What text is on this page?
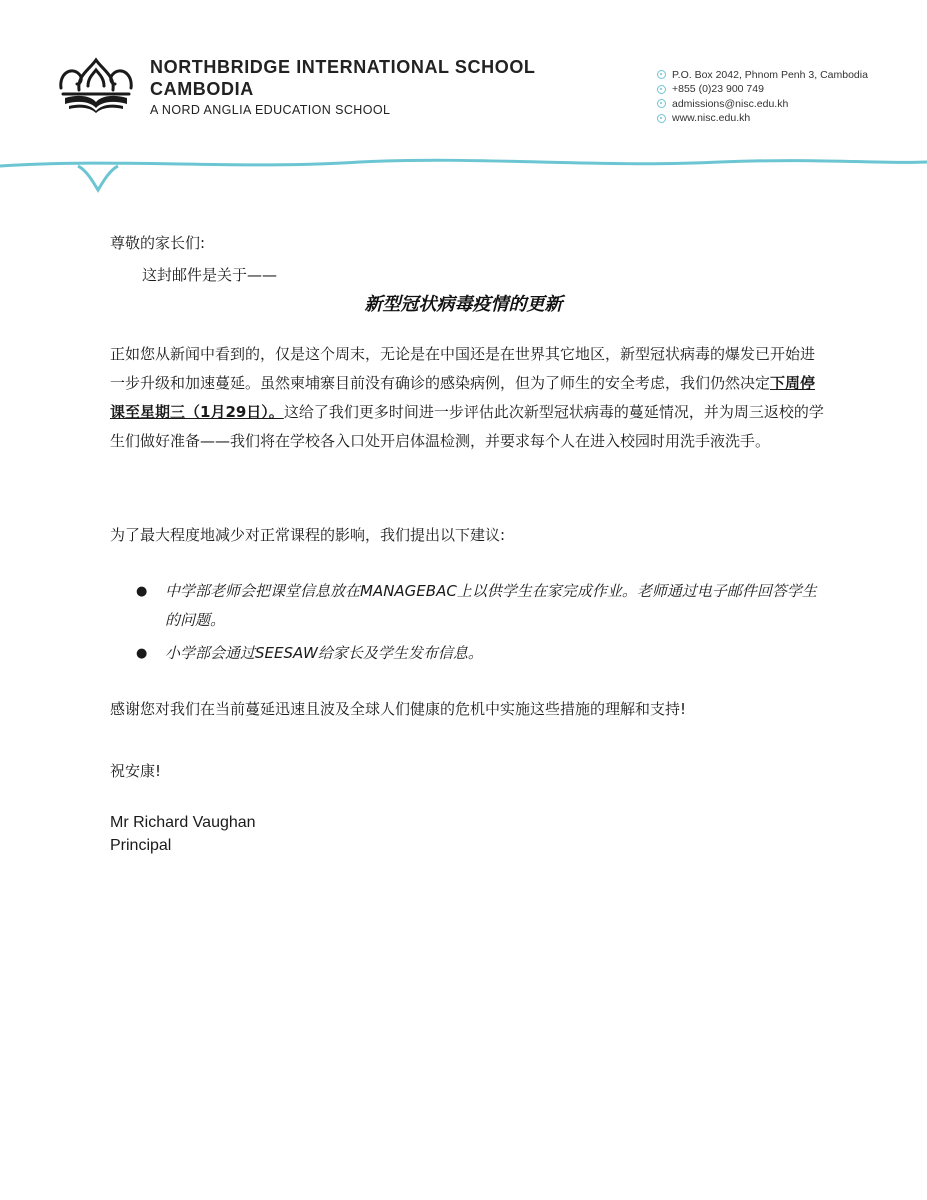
NORTHBRIDGE INTERNATIONAL SCHOOL
CAMBODIA
A NORD ANGLIA EDUCATION SCHOOL
P.O. Box 2042, Phnom Penh 3, Cambodia
+855 (0)23 900 749
admissions@nisc.edu.kh
www.nisc.edu.kh
尊敬的家长们:
这封邮件是关于——
新型冠状病毒疫情的更新
正如您从新闻中看到的，仅是这个周末，无论是在中国还是在世界其它地区，新型冠状病毒的爆发已开始进一步升级和加速蔓延。虽然柬埔寨目前没有确诊的感染病例，但为了师生的安全考虑，我们仍然决定下周停课至星期三（1月29日）。这给了我们更多时间进一步评估此次新型冠状病毒的蔓延情况，并为周三返校的学生们做好准备——我们将在学校各入口处开启体温检测，并要求每个人在进入校园时用洗手液洗手。
为了最大程度地减少对正常课程的影响，我们提出以下建议:
● 中学部老师会把课堂信息放在MANAGEBAC上以供学生在家完成作业。老师通过电子邮件回答学生的问题。
● 小学部会通过SEESAW给家长及学生发布信息。
感谢您对我们在当前蔓延迅速且波及全球人们健康的危机中实施这些措施的理解和支持!
祝安康!
Mr Richard Vaughan
Principal
